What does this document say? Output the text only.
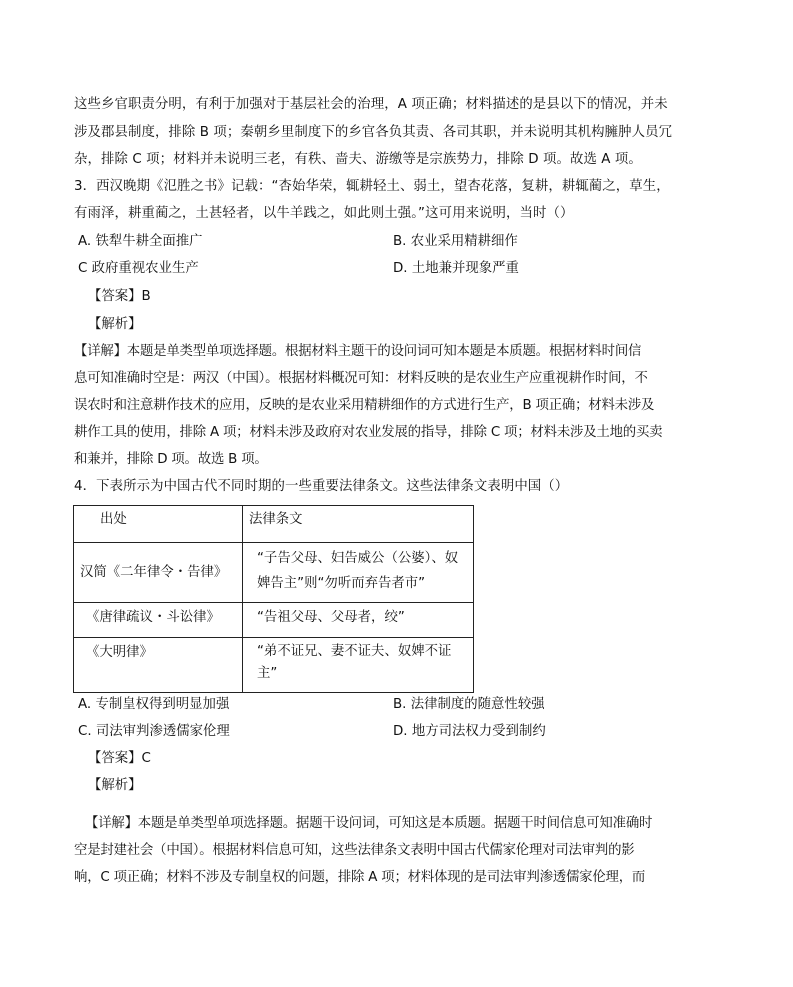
这些乡官职责分明，有利于加强对于基层社会的治理，A 项正确；材料描述的是县以下的情况，并未
涉及郡县制度，排除 B 项；秦朝乡里制度下的乡官各负其责、各司其职，并未说明其机构臃肿人员冗
杂，排除 C 项；材料并未说明三老，有秩、啬夫、游缴等是宗族势力，排除 D 项。故选 A 项。
3．西汉晚期《氾胜之书》记载：“杏始华荣，辄耕轻土、弱土，望杏花落，复耕，耕辄蔺之，草生，
有雨泽，耕重蔺之，土甚轻者，以牛羊践之，如此则土强。”这可用来说明，当时（）
A. 铁犁牛耕全面推广	B. 农业采用精耕细作
C 政府重视农业生产	D. 土地兼并现象严重
【答案】B
【解析】
【详解】本题是单类型单项选择题。根据材料主题干的设问词可知本题是本质题。根据材料时间信
息可知准确时空是：两汉（中国）。根据材料概况可知：材料反映的是农业生产应重视耕作时间，不
误农时和注意耕作技术的应用，反映的是农业采用精耕细作的方式进行生产，B 项正确；材料未涉及
耕作工具的使用，排除 A 项；材料未涉及政府对农业发展的指导，排除 C 项；材料未涉及土地的买卖
和兼并，排除 D 项。故选 B 项。
4．下表所示为中国古代不同时期的一些重要法律条文。这些法律条文表明中国（）
出处	法律条文

汉简《二年律令・告律》	“子告父母、妇告威公（公婆）、奴婢告主”则“勿听而弃告者市”

《唐律疏议・斗讼律》	“告祖父母、父母者，绞”

《大明律》	“弟不证兄、妻不证夫、奴婢不证主”
A. 专制皇权得到明显加强	B. 法律制度的随意性较强
C. 司法审判渗透儒家伦理	D. 地方司法权力受到制约
【答案】C
【解析】
【详解】本题是单类型单项选择题。据题干设问词，可知这是本质题。据题干时间信息可知准确时
空是封建社会（中国）。根据材料信息可知，这些法律条文表明中国古代儒家伦理对司法审判的影
响，C 项正确；材料不涉及专制皇权的问题，排除 A 项；材料体现的是司法审判渗透儒家伦理，而
